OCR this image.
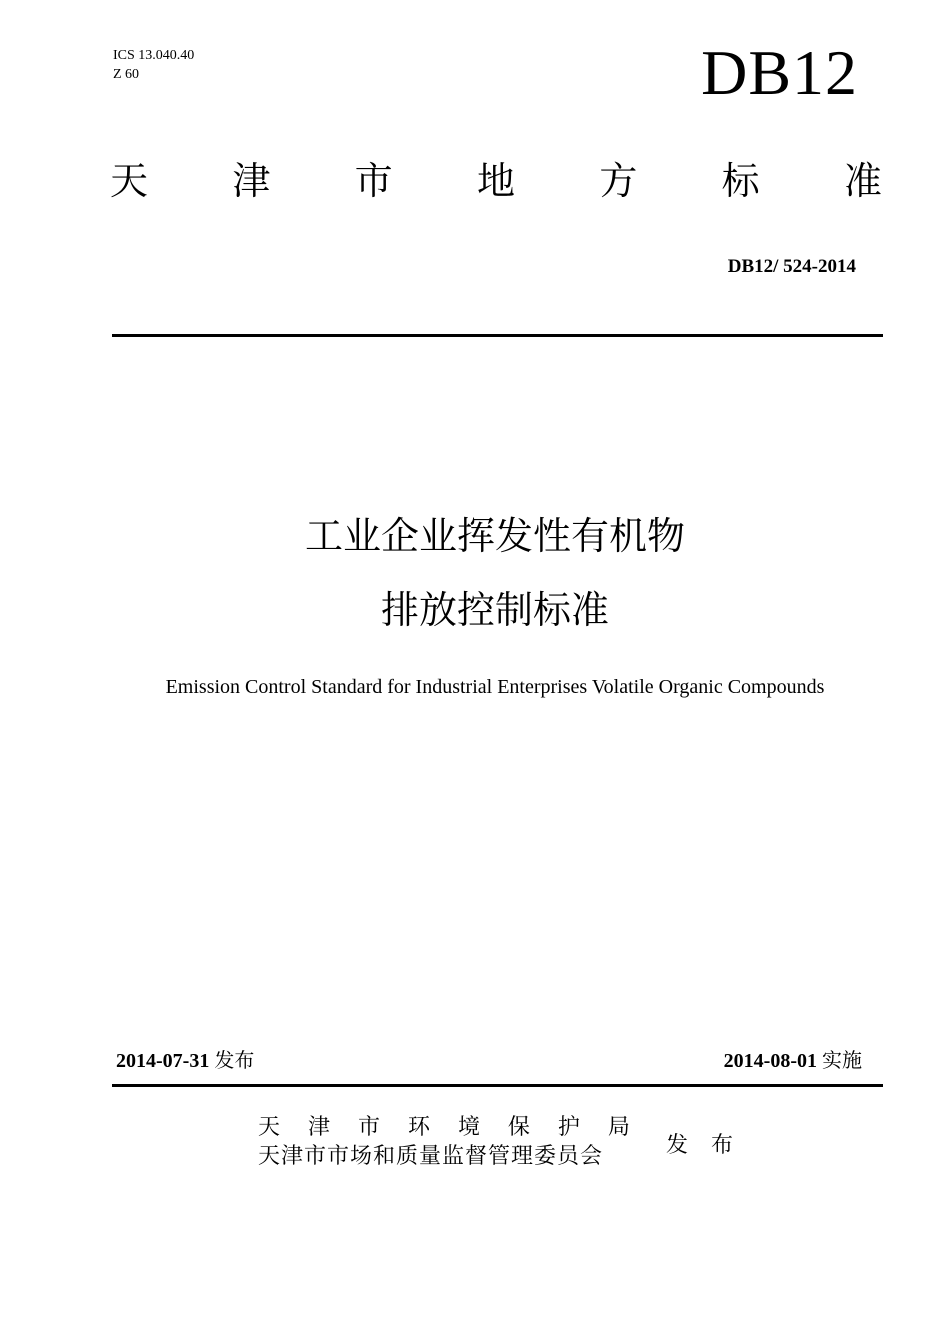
ICS 13.040.40
Z 60	DB12
天 津 市 地 方 标 准
DB12/ 524-2014
工业企业挥发性有机物
排放控制标准
Emission Control Standard for Industrial Enterprises Volatile Organic Compounds
2014-07-31 发布	2014-08-01 实施
天 津 市 环 境 保 护 局
天津市市场和质量监督管理委员会	发 布
